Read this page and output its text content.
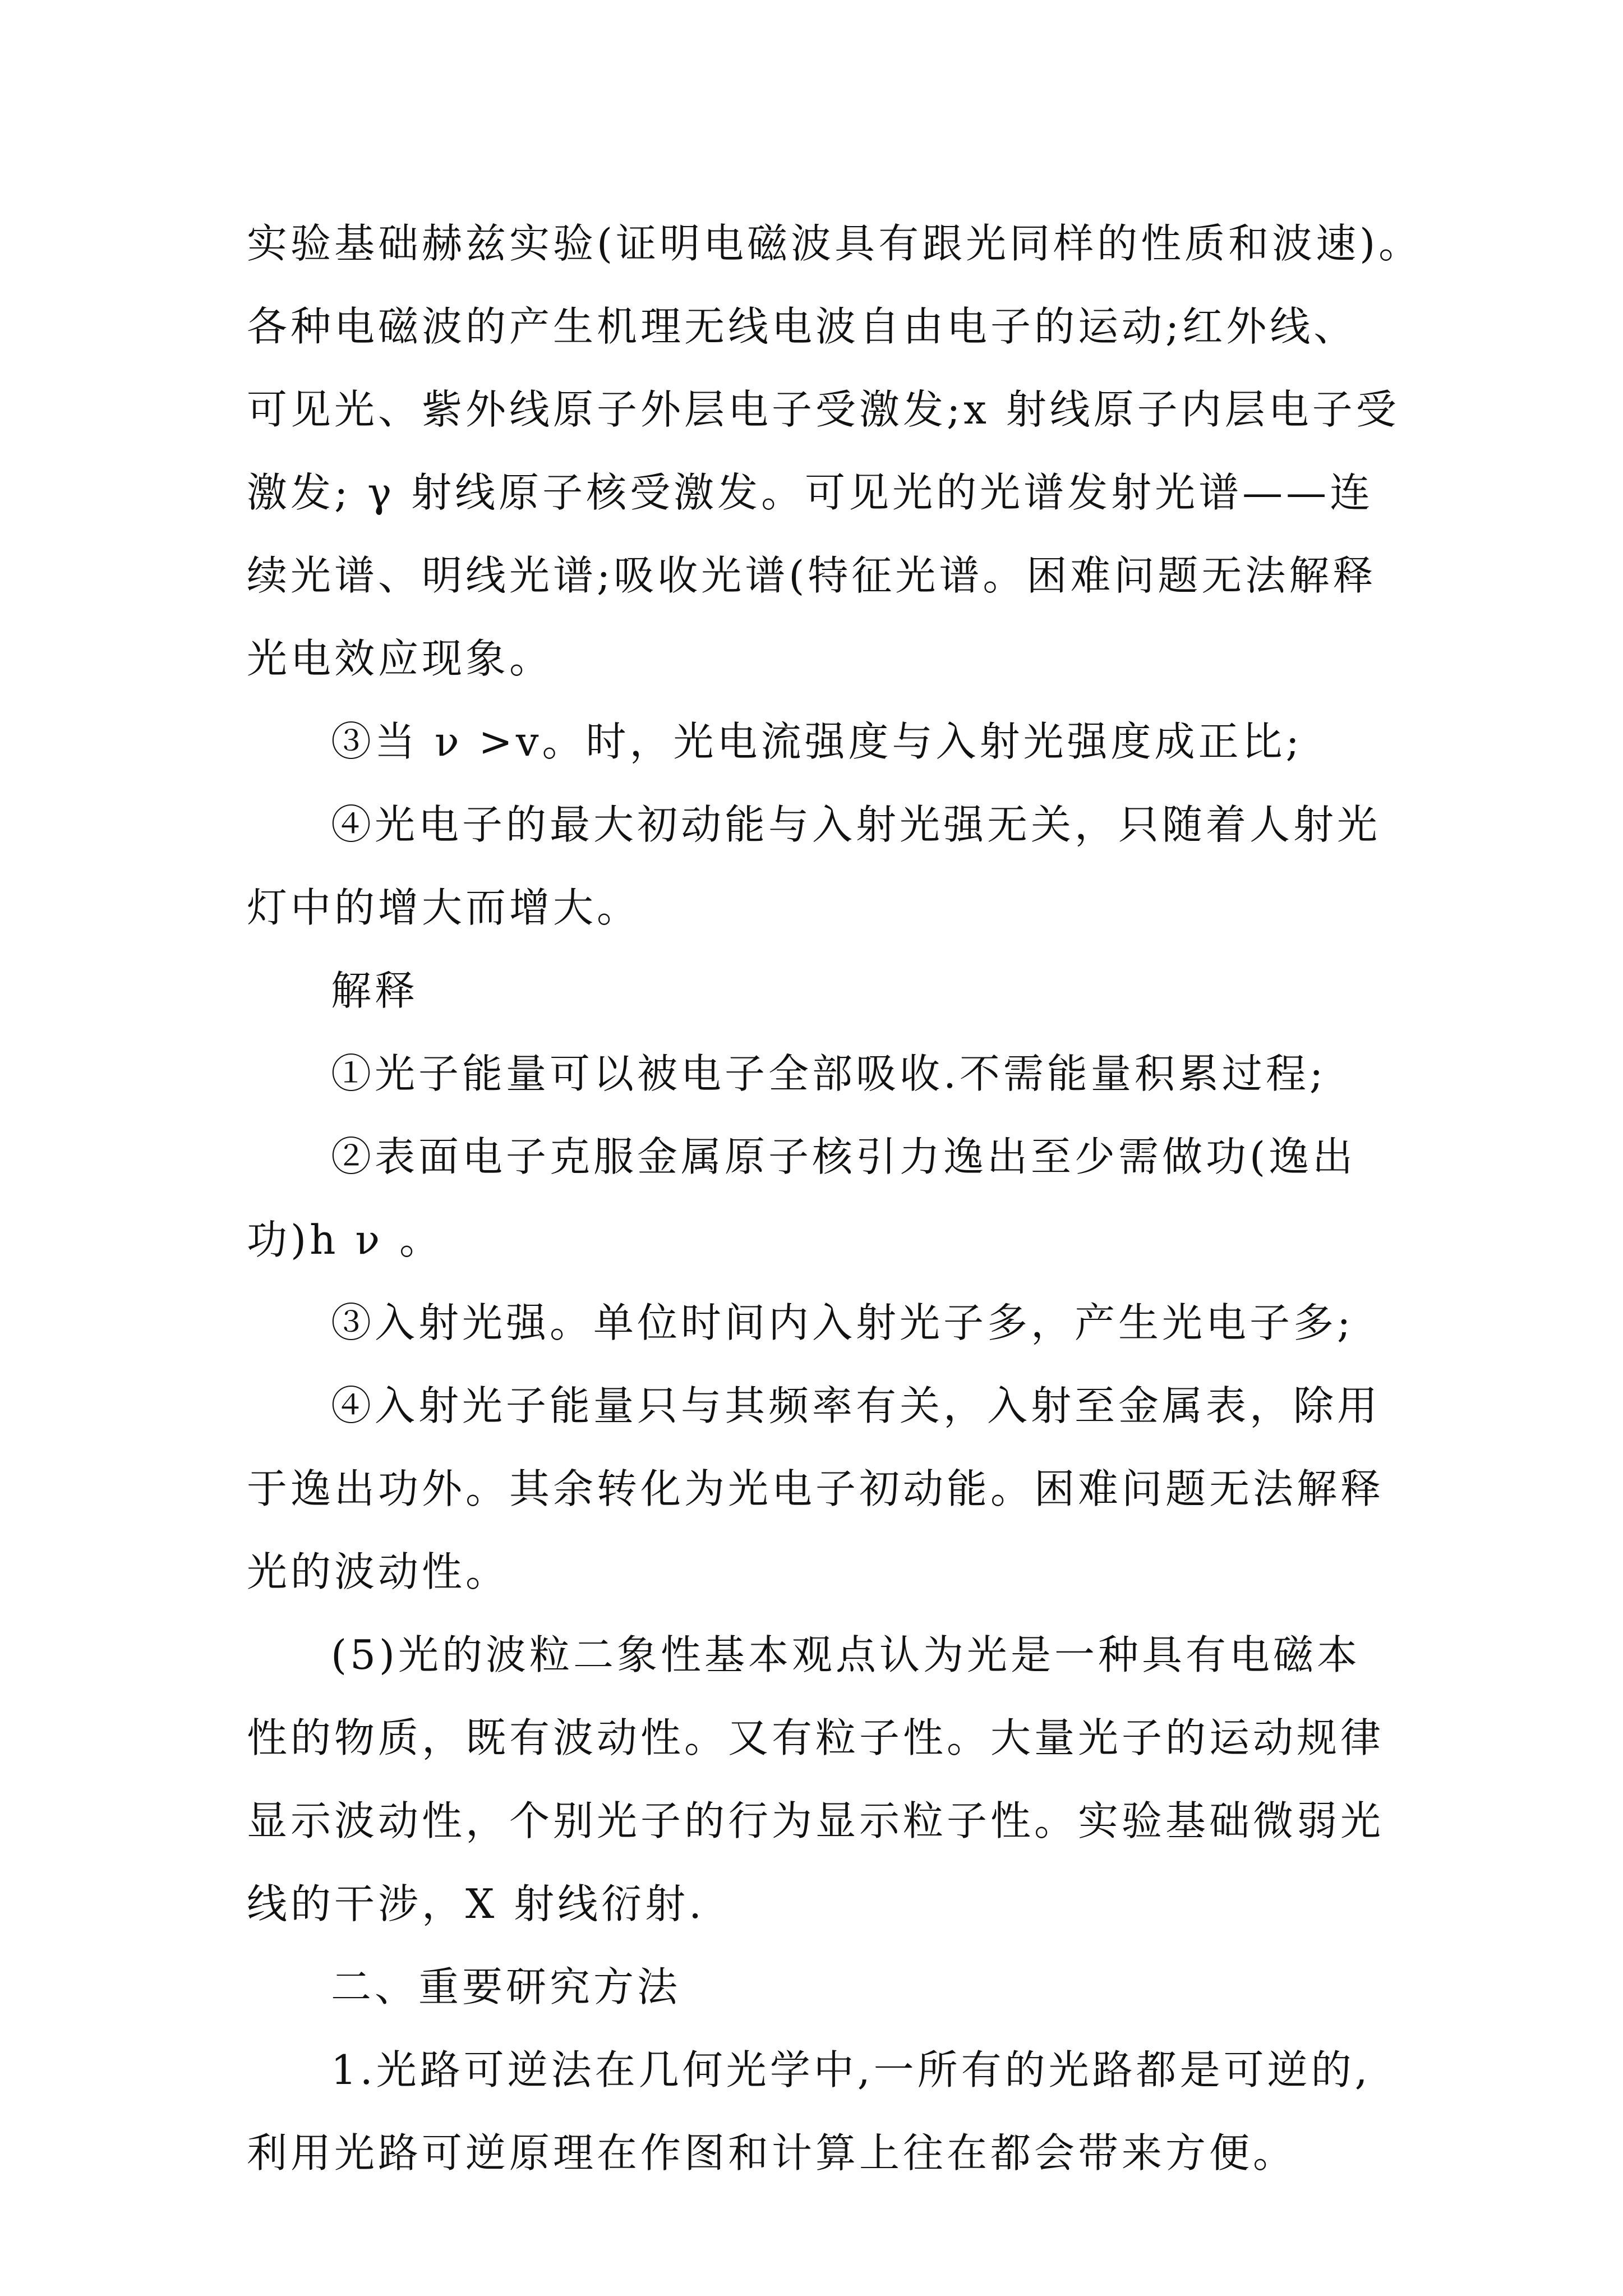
实验基础赫兹实验(证明电磁波具有跟光同样的性质和波速)。
各种电磁波的产生机理无线电波自由电子的运动;红外线、
可见光、紫外线原子外层电子受激发;x 射线原子内层电子受
激发; γ 射线原子核受激发。可见光的光谱发射光谱——连
续光谱、明线光谱;吸收光谱(特征光谱。困难问题无法解释
光电效应现象。
③当 ν >v。时，光电流强度与入射光强度成正比;
④光电子的最大初动能与入射光强无关，只随着人射光
灯中的增大而增大。
解释
①光子能量可以被电子全部吸收.不需能量积累过程;
②表面电子克服金属原子核引力逸出至少需做功(逸出
功)h ν 。
③入射光强。单位时间内入射光子多，产生光电子多;
④入射光子能量只与其频率有关，入射至金属表，除用
于逸出功外。其余转化为光电子初动能。困难问题无法解释
光的波动性。
(5)光的波粒二象性基本观点认为光是一种具有电磁本
性的物质，既有波动性。又有粒子性。大量光子的运动规律
显示波动性，个别光子的行为显示粒子性。实验基础微弱光
线的干涉，X 射线衍射.
二、重要研究方法
1.光路可逆法在几何光学中,一所有的光路都是可逆的,
利用光路可逆原理在作图和计算上往在都会带来方便。
